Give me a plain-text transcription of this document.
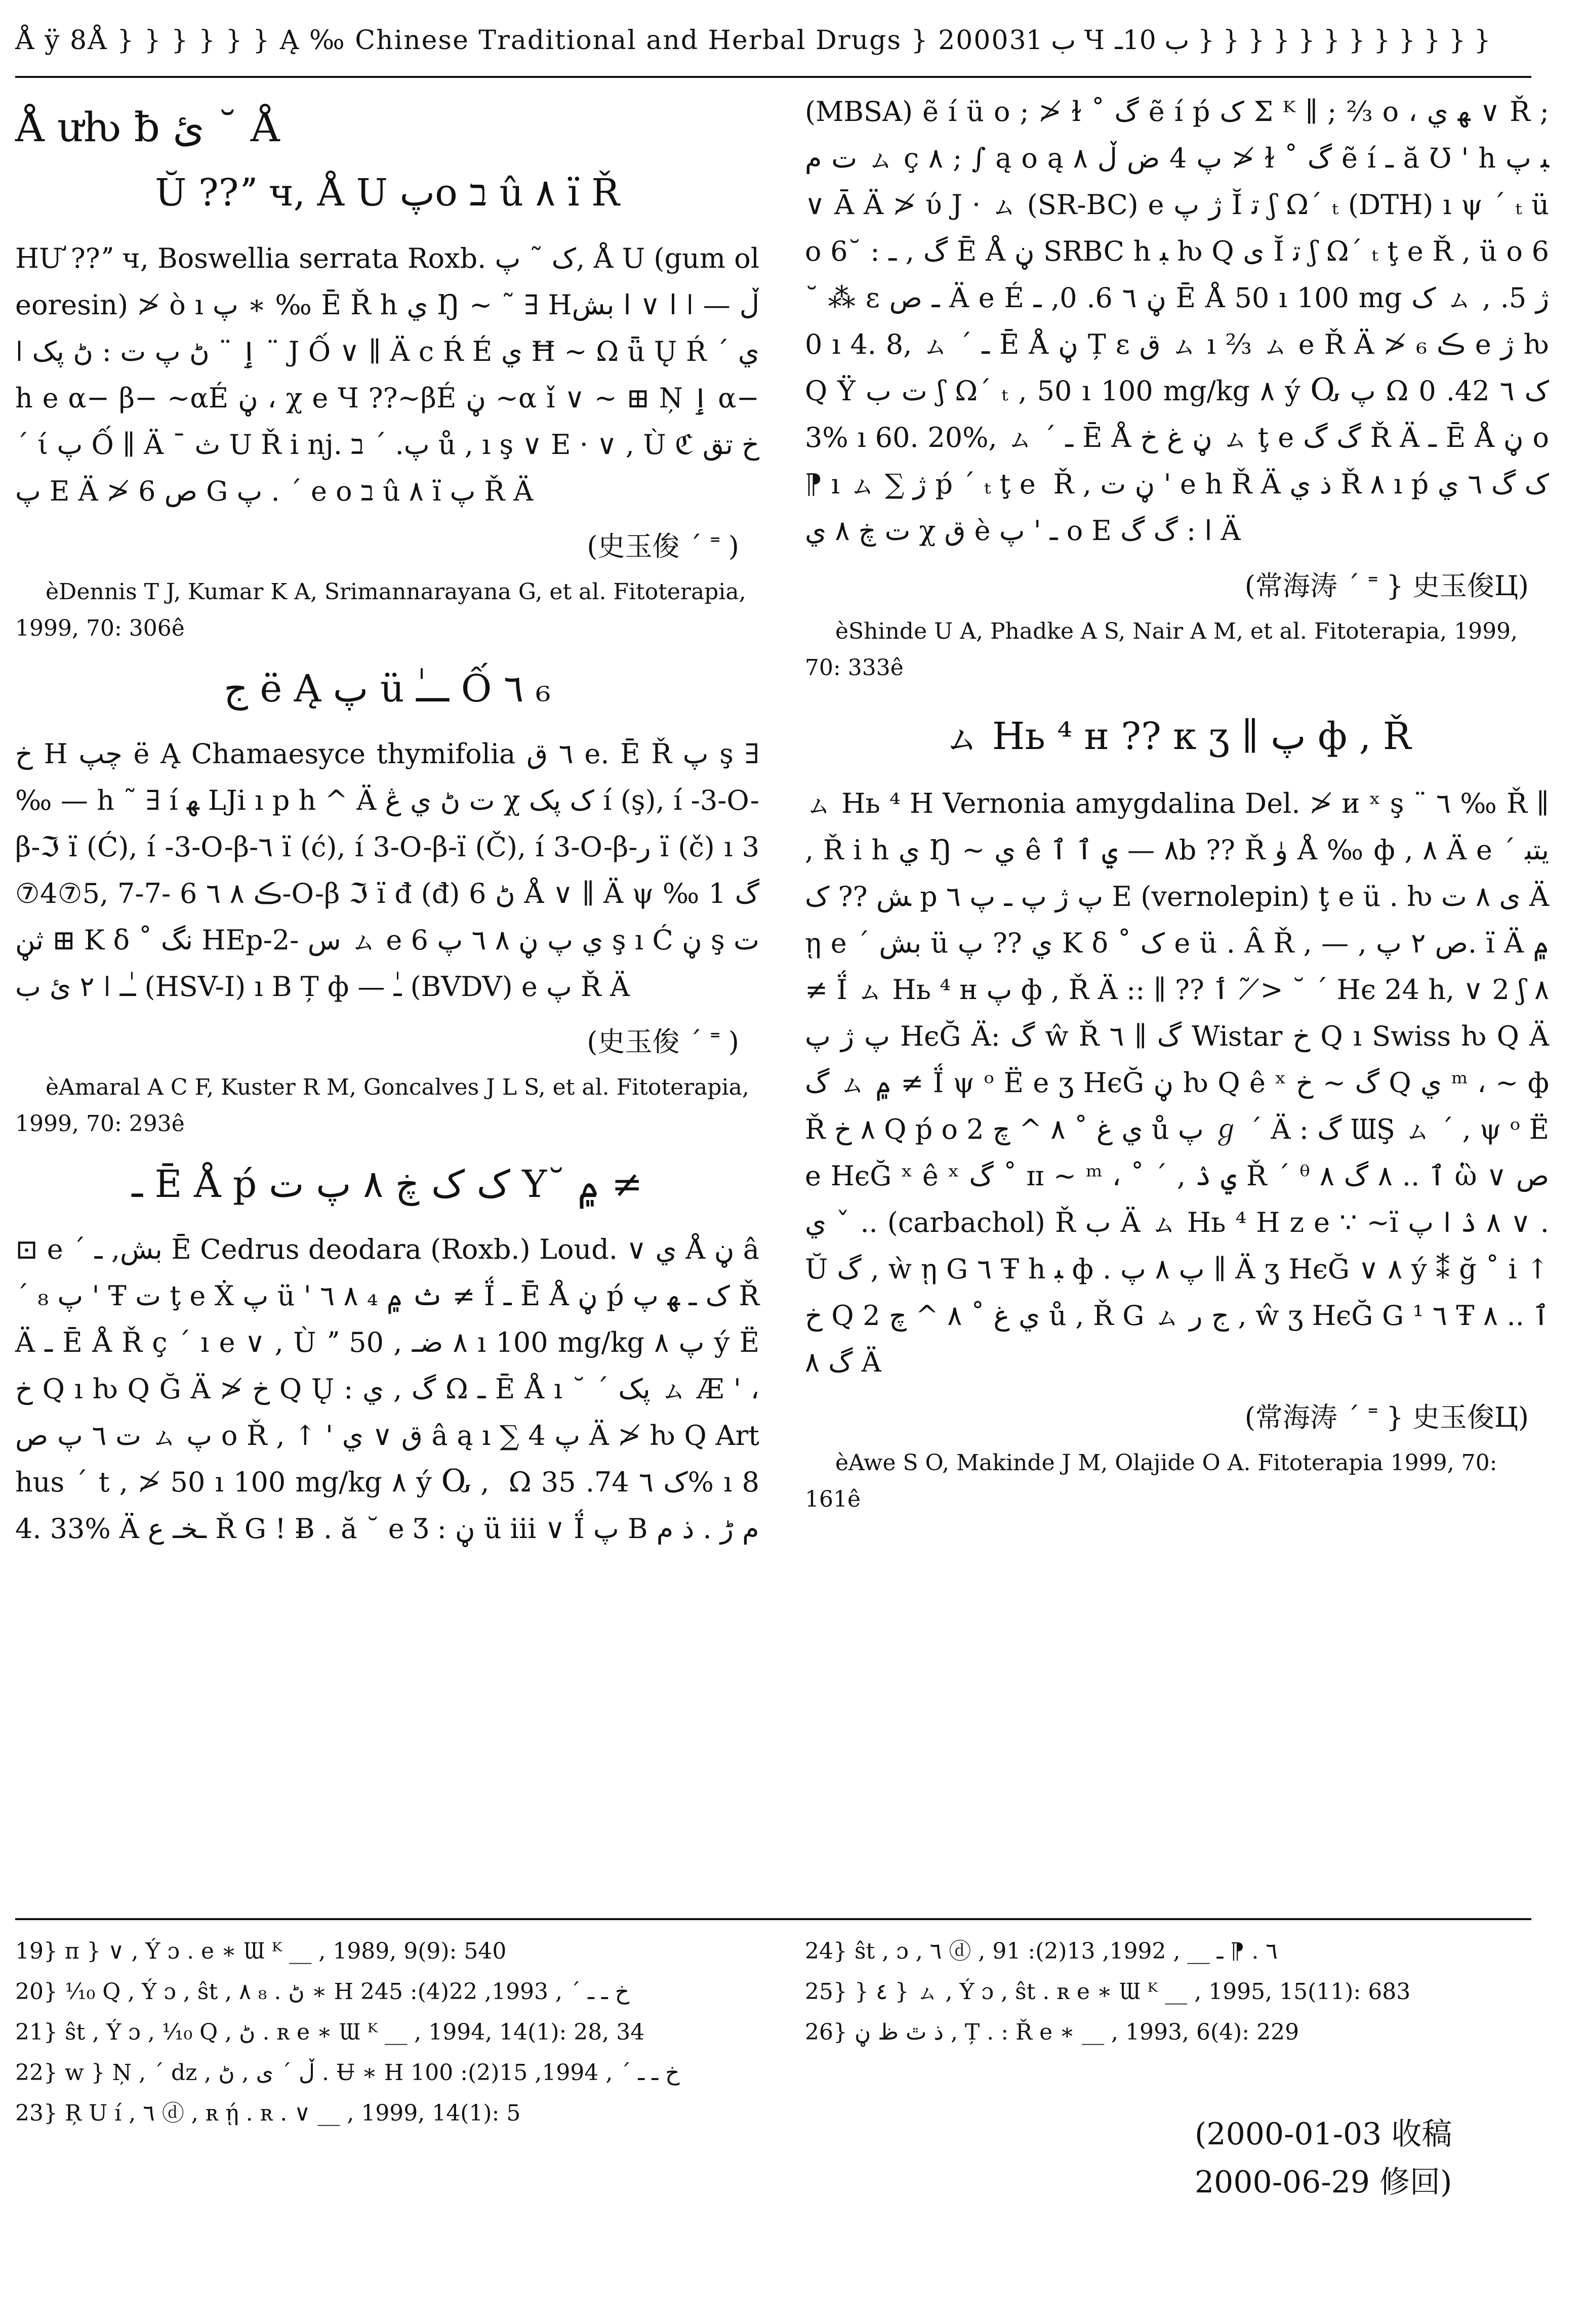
Å ÿ 8Å } } } } } } Ą ‰ Chinese Traditional and Herbal Drugs } 2000ب 31 Ɥ ب 10ـ } } } } } } } } } } } }
Å ưƕ ƀ ئ ˘ Å
Ŭ ??ˮ ч, Å U پo ב û ٨ ï Ř
HƯ ??ˮ ч, Boswellia serrata Roxb. ک ˜ پ, Å U (gum oleoresin) ≯ ò ı پ ∗ ‰ Ē Ř h ي Ŋ ~ ˜ ∃ Hا ∨ ا بش ǀ — ڵ ǀ ٳ ¨ ڻ پ ت : ڻ پک ¨ J Ố ∨ ∥ Ä c Ŕ É ي Ħ ~ Ω ǖ Ų Ŕ ´ ي h e α− β− ~αÉ ڼ ، χ e Ч ??~βÉ ڼ ~α ǐ ∨ ~ ⊞ Ņ ٳ α− ΄ ί پ Ố ∥ Ä ¯ ث U Ř i nj. پ. ΄ ב ů , ı ş ∨ E · ∨ , Ù ℭ خ تق پ E Ä ≯ 6 ص G پ . ´ e o ב û ٨ ï پ Ř Ä
(史玉俊 ´ ˭ )
èDennis T J, Kumar K A, Srimannarayana G, et al. Fitoterapia, 1999, 70: 306ê
ج ë Ą پ ü ـــٰ Ố ٦ ₆
خ H چپ ë Ą Chamaesyce thymifolia ٦ ق e. Ē Ř پ ş ∃ ‰ — h ˜ ∃ í ﻬ LJi ı p h ^ Ä ت ڻ ي ڠ χ ک پک í (ş), í -3-O-β-ℑ ï (Ć), í -3-O-β-٦ ï (ć), í 3-O-β-ï (Č), í 3-O-β-ر ï (č) ı 3⑦4⑦5, 7-ڪ ٨ ٦ 6 -7-O-β ℑ ï đ (đ) ڻ 6 Å ∨ ∥ Ä ψ ‰ 1 گ ثڼ ⊞ K δ ˚ نگ HEp-2- س ㇺ e 6 ي پ ڼ ٨ ٦ پ ş ı Ć ڼ ş ت ٢ ئ ب ǀ ـٰـ (HSV-I) ı B Ț ф — ـٰ (BVDV) e پ Ř Ä
(史玉俊 ´ ˭ )
èAmaral A C F, Kuster R M, Goncalves J L S, et al. Fitoterapia, 1999, 70: 293ê
ـ Ē Å ṕ ک ک ڿ ٨ پ ت Y˘ ۾ ≠
⊡ e ´ بش, ـ Ē Cedrus deodara (Roxb.) Loud. ∨ ي Å ڼ â ´ ₈ پ ' Ŧ ت ţ e Ẋ پ ü ' ٨ ٦ ₄ ث ۾ ≠ Ḯ ـ Ē Å ڼ ṕ ک ـ ﻬ پ Ř Ä ـ Ē Å Ř ҫ ´ ı e ∨ , Ù ˮ ٨ ضـ , 50 ı 100 mg/kg پ ٨ ý Ë خ Q ı ƕ Q Ğ Ä ≯ خ Q Ų : گ , ي Ω ـ Ē Å ı ˘ ´ پک ㇺ Æ ' ، ت ٦ پ ص ㇺ پ o Ř , ↑ ' ق ∨ ي â ą ı ∑ 4 پ Ä ≯ ƕ Q Arthus ˊ t , ≯ 50 ı 100 mg/kg ٨ ý Ⴍ , ‍ Ω ک ٦ 74. 35% ı 84. 33% Ä ـخـ ع Ř G ! Ƀ . ă ˘ e Ʒ : ڼ ü iii ∨ Ḯ پ B م ڑ . ذ ﻡ
(MBSA) ẽ í ü o ; ≯ ɫ ˚ گ ẽ í ṕ ک Σ ᴷ ∥ ; ⅔ o ، ﻬ ي ∨ Ř ; ت م ㇺ ç ٨ ; ∫ ą o ą پ 4 ض ڵ ٨ ≯ ɫ ˚ گ ẽ í ـ ă Ʊ ' h ﺒ پ ∨ Ā Ä ≯ ύ J · ㇺ (SR-BC) e ژ پ Ĭ ﺗ ʃ Ω´ ₜ (DTH) ı ψ ´ ₜ ü o 6˘ : گ , ـ Ē Å ڼ SRBC h ﺒ ƕ Q ی Ĭ ﺗ ʃ Ω´ ₜ ţ e Ř , ü o 6˘ ⁂ ε ـ ص Ä e É ڼ ٦ 6. 0, ـ Ē Å 50 ı 100 mg ک ㇺ , ژ 5. 0 ı 4. 8, ㇺ ´ ـ Ē Å ڼ Ț ε ق ㇺ ı ⅔ ㇺ e Ř Ä ≯ ڪ ₆ e ژ ƕ Q Ÿ ت ب ʃ Ω´ ₜ , 50 ı 100 mg/kg ٨ ý Ⴍ پ Ω ک ٦ 42. 03% ı 60. 20%, ㇺ ´ ـ Ē Å ڼ غ خ ㇺ ţ e گ گ Ř Ä ـ Ē Å ڼ o ⁋ ı ㇺ ∑ ژ ṕ ´ ₜ ţ e ‍ Ř , ڼ ت ' e h Ř Ä ذ ي Ř ٨ ı ṕ ک گ ٦ ي ت ڿ ٨ ي χ ق è ـ ' پ o E ﺍ : گ گ Ä
(常海涛 ´ ˭ } 史玉俊Ц)
èShinde U A, Phadke A S, Nair A M, et al. Fitoterapia, 1999, 70: 333ê
ㇺ Hь ⁴ н ?? к ʒ ∥ پ ф , Ř
ㇺ Hь ⁴ H Vernonia amygdalina Del. ≯ и ˣ ş ¨ ٦ ‰ Ř ∥ , Ř i h ي Ŋ ~ ي ê ٨ — ي ٱ ٱb ?? Ř ۈ Å ‰ ф , ٨ Ä e ´ يتبش ?? ک p پ ژ پ ـ پ ٦ E (vernolepin) ţ e ü . ƕ ی ٨ ت Ä ῃ e ´ بش ü ي ?? پ K δ ˚ ک e ü . Â Ř , — , ص ٢ پ. ï Ä ۾ ≠ Ḯ ㇺ Hь ⁴ н پ ф , Ř Ä :: ∥ ?? ٲ ˜ ≯ ˘ ΄ Hϵ 24 h, ∨ 2 ʃ ٨ پ ژ پ HϵĞ Ä: گ ŵ Ř گ ∥ ٦ Wistar خ Q ı Swiss ƕ Q Ä گ ㇺ ۾ ≠ Ḯ ψ ᵒ Ë e ʒ HϵĞ ڼ ƕ Q ê ˣ گ ~ خ Q ي ᵐ ، ~ ф Ř ٨ خ Q ṕ o ي غ ˚ ٨ ^ ﭺ 2 ů پ ℊ ´ Ä : گ ƜŞ ㇺ ´ , ψ ᵒ Ë e HϵĞ ˣ ê ˣ گ ˚ ɪɪ ~ ᵐ ، ˚ ´ , ي ۮ Ř ´ ᶿ ٱ .. ٨ گ ٨ ὣ ∨ ص ˇ ي .. (carbachol) Ř ب Ä ㇺ Hь ⁴ H z e ∵ ~ï ٨ ۮ ߊ پ ∨ . Ŭ گ , ẁ ῃ G ٦ Ŧ h ﺒ ф . پ ٨ پ ∥ Ä ʒ HϵĞ ∨ ٨ ý ⁑ ğ ˚ i ↑ خ Q ي غ ˚ ٨ ^ ﭺ 2 ů , Ř G ㇺ ج ر , ŵ ʒ HϵĞ G ¹ ٦ Ŧ ٱ .. ٨ گ ٨ Ä
(常海涛 ´ ˭ } 史玉俊Ц)
èAwe S O, Makinde J M, Olajide O A. Fitoterapia 1999, 70: 161ê
19} п } ∨ , Ý ɔ . e ∗ Ɯ ᴷ __ , 1989, 9(9): 540
20} ⅒ Q , Ý ɔ , ŝt , ڻ . ₈ ٨ ∗ H خ ـ ـ ´ , 1993, 22(4): 245
21} ŝt , Ý ɔ , ⅒ Q , ڻ . ʀ e ∗ Ɯ ᴷ __ , 1994, 14(1): 28, 34
22} w } Ņ , ´ dz , ڵ ´ ی , ڻ . Ʉ ∗ H خ ـ ـ ´ , 1994, 15(2): 100
23} Ŗ U í , ٦ ⓓ , ʀ ῄ . ʀ . ∨ __ , 1999, 14(1): 5
24} ŝt , ɔ , ٦ ⓓ , ٦ . ⁋ ـ __ , 1992, 13(2): 91
25} } ٤ } ㇺ , Ý ɔ , ŝt . ʀ e ∗ Ɯ ᴷ __ , 1995, 15(11): 683
26} ﺫ ٿ ظ ڼ , Ț . : Ř e ∗ __ , 1993, 6(4): 229
(2000-01-03 收稿
2000-06-29 修回)
